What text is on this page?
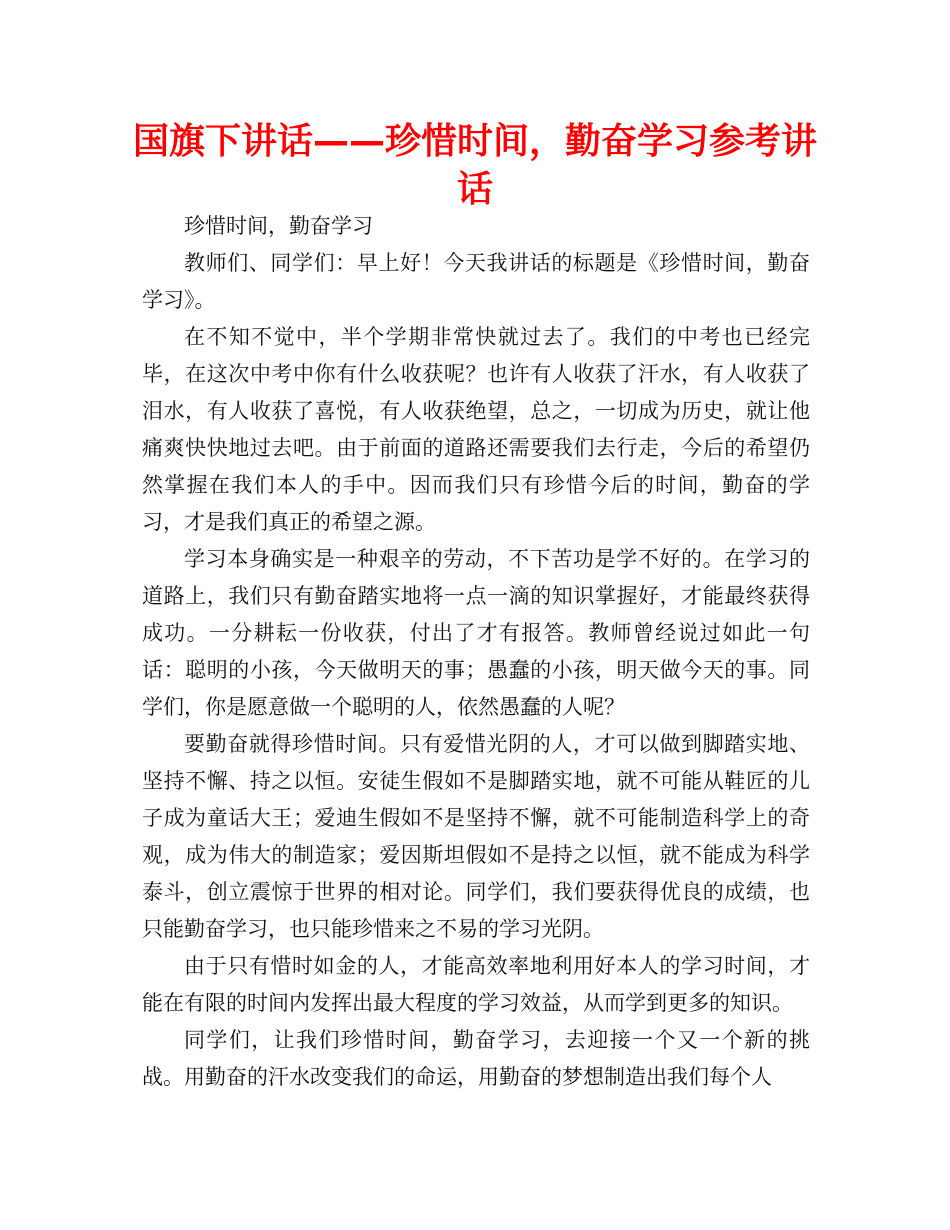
国旗下讲话——珍惜时间，勤奋学习参考讲话

珍惜时间，勤奋学习

教师们、同学们：早上好！今天我讲话的标题是《珍惜时间，勤奋学习》。

在不知不觉中，半个学期非常快就过去了。我们的中考也已经完毕，在这次中考中你有什么收获呢？也许有人收获了汗水，有人收获了泪水，有人收获了喜悦，有人收获绝望，总之，一切成为历史，就让他痛爽快快地过去吧。由于前面的道路还需要我们去行走，今后的希望仍然掌握在我们本人的手中。因而我们只有珍惜今后的时间，勤奋的学习，才是我们真正的希望之源。

学习本身确实是一种艰辛的劳动，不下苦功是学不好的。在学习的道路上，我们只有勤奋踏实地将一点一滴的知识掌握好，才能最终获得成功。一分耕耘一份收获，付出了才有报答。教师曾经说过如此一句话：聪明的小孩，今天做明天的事；愚蠢的小孩，明天做今天的事。同学们，你是愿意做一个聪明的人，依然愚蠢的人呢？

要勤奋就得珍惜时间。只有爱惜光阴的人，才可以做到脚踏实地、坚持不懈、持之以恒。安徒生假如不是脚踏实地，就不可能从鞋匠的儿子成为童话大王；爱迪生假如不是坚持不懈，就不可能制造科学上的奇观，成为伟大的制造家；爱因斯坦假如不是持之以恒，就不能成为科学泰斗，创立震惊于世界的相对论。同学们，我们要获得优良的成绩，也只能勤奋学习，也只能珍惜来之不易的学习光阴。

由于只有惜时如金的人，才能高效率地利用好本人的学习时间，才能在有限的时间内发挥出最大程度的学习效益，从而学到更多的知识。

同学们，让我们珍惜时间，勤奋学习，去迎接一个又一个新的挑战。用勤奋的汗水改变我们的命运，用勤奋的梦想制造出我们每个人
